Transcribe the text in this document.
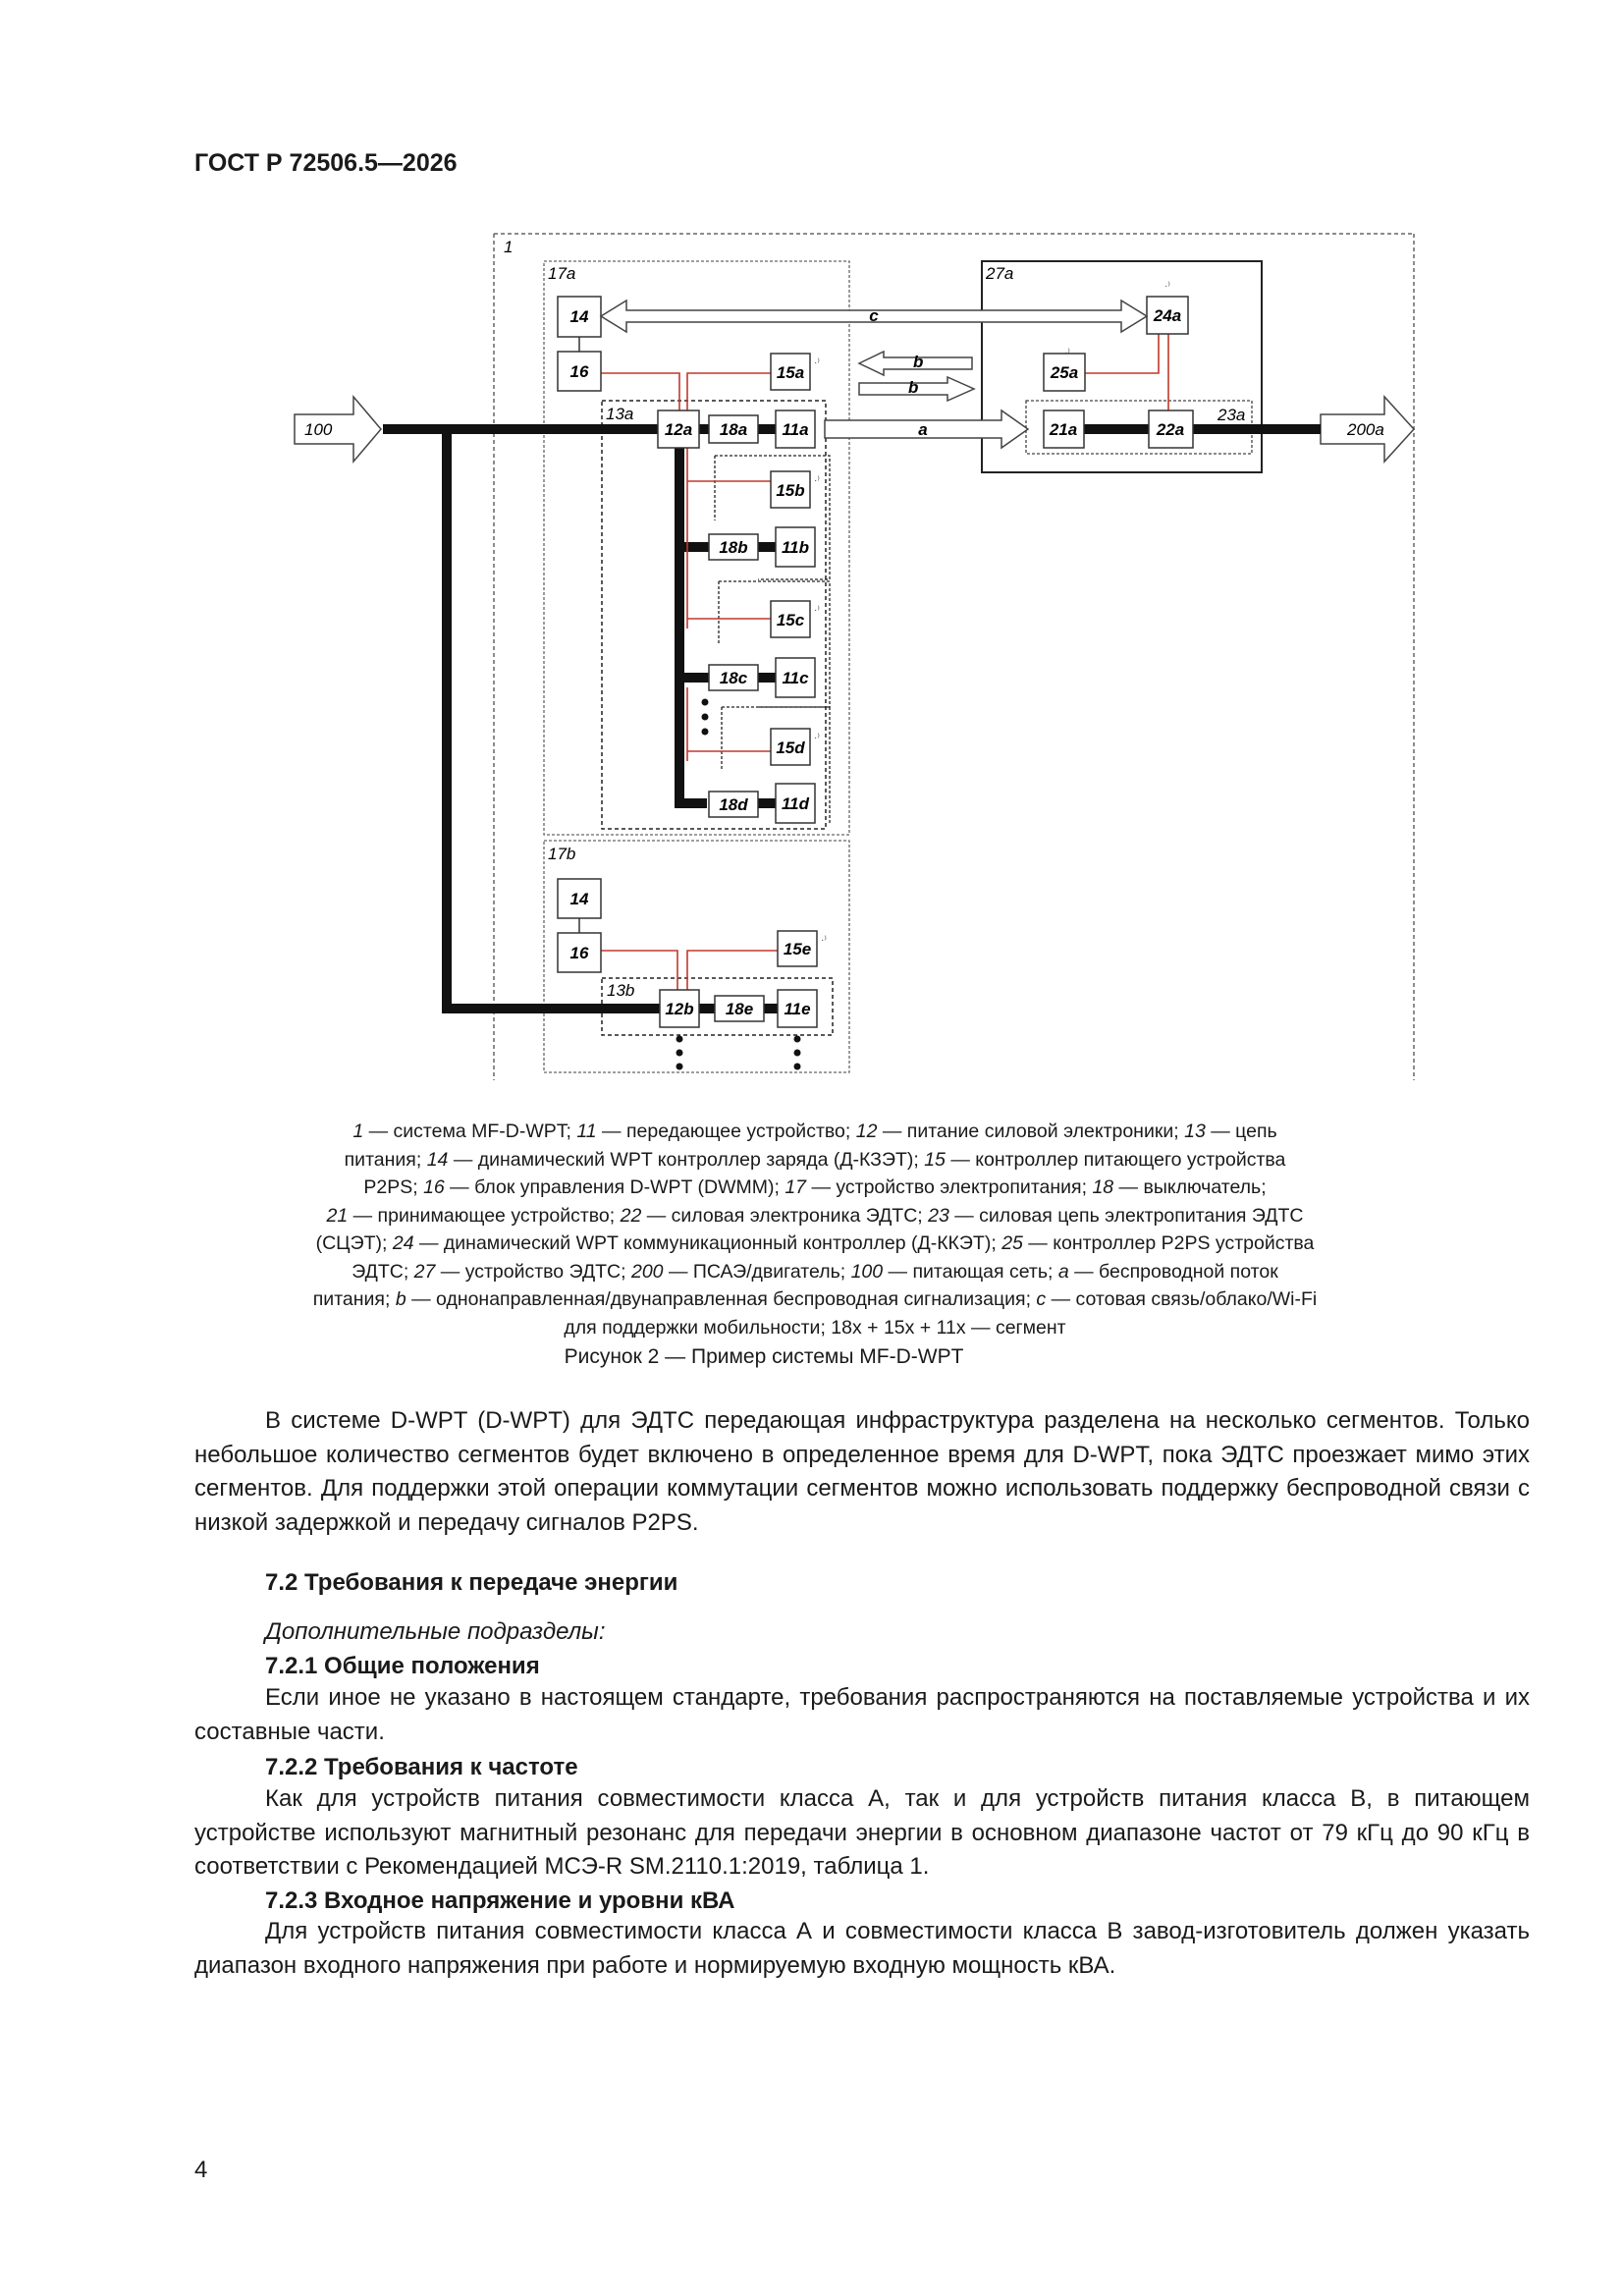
ГОСТ Р 72506.5—2026
1
17a	27a
23a
13a
17b
13b
100	200a
·⁾
·⁾
·⁾
·⁾
·⁾
·⁾
·⁾
14
16	15a
12a 18a 11a
15b
18b 11b
15c
18c 11c
15d
18d 11d
14
16	15e
12b 18e 11e
24a
25a
21a	22a
c
b
b
a

1 — система MF-D-WPT; 11 — передающее устройство; 12 — питание силовой электроники; 13 — цепь

питания; 14 — динамический WPT контроллер заряда (Д-КЗЭТ); 15 — контроллер питающего устройства

P2PS; 16 — блок управления D-WPT (DWMM); 17 — устройство электропитания; 18 — выключатель;

21 — принимающее устройство; 22 — силовая электроника ЭДТС; 23 — силовая цепь электропитания ЭДТС

(СЦЭТ); 24 — динамический WPT коммуникационный контроллер (Д-ККЭТ); 25 — контроллер P2PS устройства

ЭДТС; 27 — устройство ЭДТС; 200 — ПСАЭ/двигатель; 100 — питающая сеть; a — беспроводной поток

питания; b — однонаправленная/двунаправленная беспроводная сигнализация; c — сотовая связь/облако/Wi-Fi

для поддержки мобильности; 18x + 15x + 11x — сегмент

Рисунок 2 — Пример системы MF-D-WPT

В системе D-WPT (D-WPT) для ЭДТС передающая инфраструктура разделена на несколько сегментов. Только небольшое количество сегментов будет включено в определенное время для D-WPT, пока ЭДТС проезжает мимо этих сегментов. Для поддержки этой операции коммутации сегментов можно использовать поддержку беспроводной связи с низкой задержкой и передачу сигналов P2PS.

7.2 Требования к передаче энергии
Дополнительные подразделы:
7.2.1 Общие положения

Если иное не указано в настоящем стандарте, требования распространяются на поставляемые устройства и их составные части.

7.2.2 Требования к частоте

Как для устройств питания совместимости класса А, так и для устройств питания класса В, в питающем устройстве используют магнитный резонанс для передачи энергии в основном диапазоне частот от 79 кГц до 90 кГц в соответствии с Рекомендацией МСЭ-R SM.2110.1:2019, таблица 1.

7.2.3 Входное напряжение и уровни кВА

Для устройств питания совместимости класса А и совместимости класса В завод-изготовитель должен указать диапазон входного напряжения при работе и нормируемую входную мощность кВА.

4
